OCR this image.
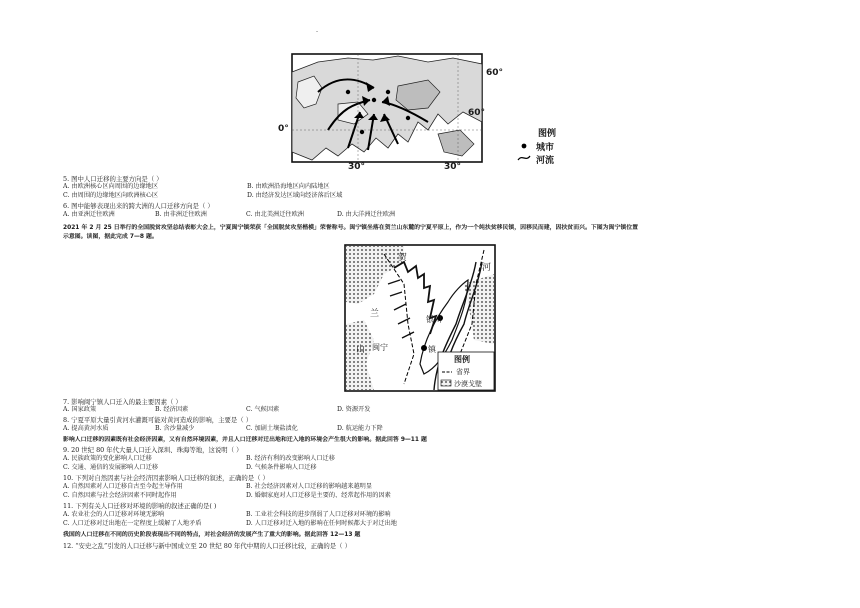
·
60°
0°
30°	30°
60°
图例
城市
河流
5. 图中人口迁移的主要方向是（ ）
A. 由欧洲核心区向周围的边缘地区	B. 由欧洲沿海地区向内陆地区
C. 由周围的边缘地区向欧洲核心区	D. 由经济发达区域向经济落后区域
6. 图中能够表现出来的跨大洲的人口迁移方向是（ ）
A. 由亚洲迁往欧洲	B. 由非洲迁往欧洲	C. 由北美洲迁往欧洲	D. 由大洋洲迁往欧洲
2021 年 2 月 25 日举行的全国脱贫攻坚总结表彰大会上，宁夏闽宁镇荣获「全国脱贫攻坚楷模」荣誉称号。闽宁镇坐落在贺兰山东麓的宁夏平原上，作为一个纯扶贫移民镇，因移民而建，因扶贫而兴。下图为闽宁镇位置
示意图。读图，据此完成 7—8 题。
贺
兰
山 闽宁
银川
河
镇
图例
省界
沙漠戈壁
7. 影响闽宁镇人口迁入的最主要因素（ ）
A. 国家政策	B. 经济因素	C. 气候因素	D. 资源开发
8. 宁夏平原大量引黄河水灌溉可能对黄河造成的影响，主要是（ ）
A. 提高黄河水质	B. 含沙量减少	C. 加剧土壤盐渍化	D. 航运能力下降
影响人口迁移的因素既有社会经济因素，又有自然环境因素，并且人口迁移对迁出地和迁入地的环境会产生很大的影响。据此回答 9—11 题
9. 20 世纪 80 年代大量人口迁入深圳、珠海等地，这说明（ ）
A. 民族政策的变化影响人口迁移	B. 经济有利的改变影响人口迁移
C. 交通、通信的发展影响人口迁移	D. 气候条件影响人口迁移
10. 下列对自然因素与社会经济因素影响人口迁移的叙述，正确的是（ ）
A. 自然因素对人口迁移自古至今起主导作用	B. 社会经济因素对人口迁移的影响越来越明显
C. 自然因素与社会经济因素不同时起作用	D. 婚姻家庭对人口迁移是主要的、经常起作用的因素
11. 下列有关人口迁移对环境的影响的叙述正确的是( )
A. 农业社会的人口迁移对环境无影响	B. 工业社会科技的进步削弱了人口迁移对环境的影响
C. 人口迁移对迁出地在一定程度上缓解了人地矛盾	D. 人口迁移对迁入地的影响在任何时候都大于对迁出地
我国的人口迁移在不同的历史阶段表现出不同的特点，对社会经济的发展产生了重大的影响。据此回答 12—13 题
12. “安史之乱”引发的人口迁移与新中国成立至 20 世纪 80 年代中期的人口迁移比较，正确的是（ ）
